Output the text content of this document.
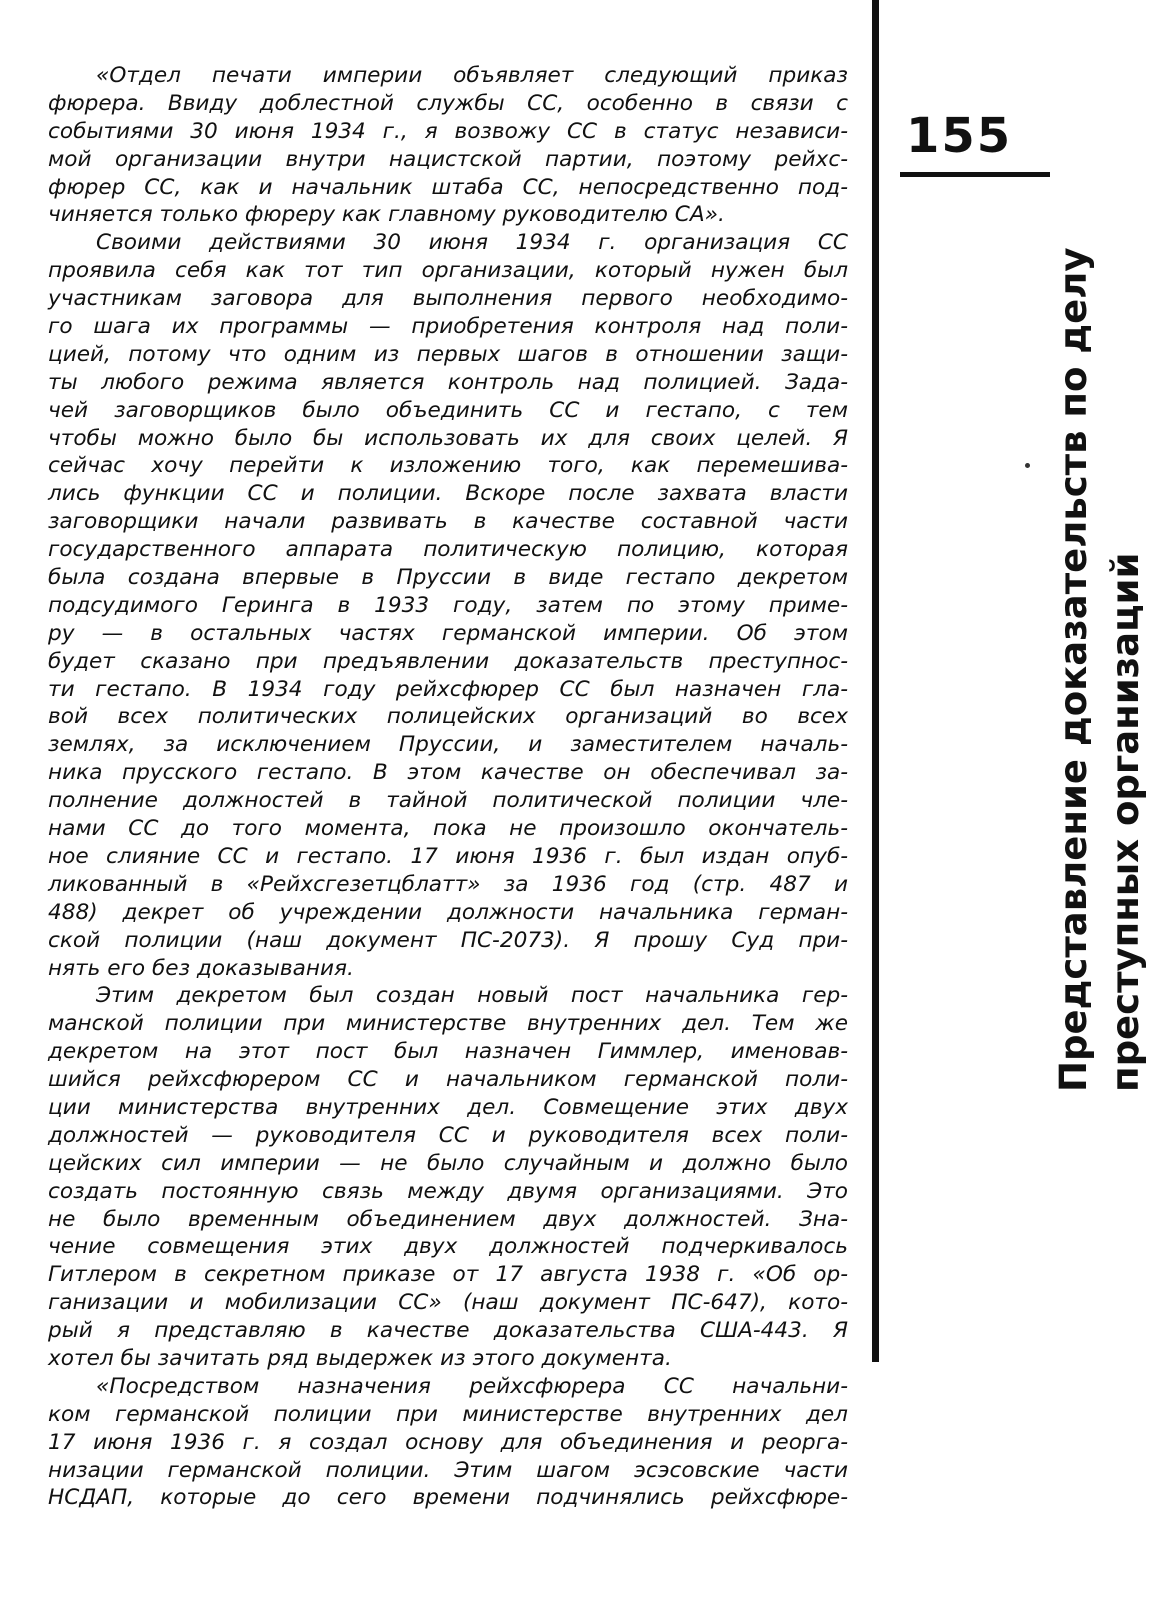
«Отдел печати империи объявляет следующий приказ
фюрера. Ввиду доблестной службы СС, особенно в связи с
событиями 30 июня 1934 г., я возвожу СС в статус независи-
мой организации внутри нацистской партии, поэтому рейхс-
фюрер СС, как и начальник штаба СС, непосредственно под-
чиняется только фюреру как главному руководителю СА».
Своими действиями 30 июня 1934 г. организация СС
проявила себя как тот тип организации, который нужен был
участникам заговора для выполнения первого необходимо-
го шага их программы — приобретения контроля над поли-
цией, потому что одним из первых шагов в отношении защи-
ты любого режима является контроль над полицией. Зада-
чей заговорщиков было объединить СС и гестапо, с тем
чтобы можно было бы использовать их для своих целей. Я
сейчас хочу перейти к изложению того, как перемешива-
лись функции СС и полиции. Вскоре после захвата власти
заговорщики начали развивать в качестве составной части
государственного аппарата политическую полицию, которая
была создана впервые в Пруссии в виде гестапо декретом
подсудимого Геринга в 1933 году, затем по этому приме-
ру — в остальных частях германской империи. Об этом
будет сказано при предъявлении доказательств преступнос-
ти гестапо. В 1934 году рейхсфюрер СС был назначен гла-
вой всех политических полицейских организаций во всех
землях, за исключением Пруссии, и заместителем началь-
ника прусского гестапо. В этом качестве он обеспечивал за-
полнение должностей в тайной политической полиции чле-
нами СС до того момента, пока не произошло окончатель-
ное слияние СС и гестапо. 17 июня 1936 г. был издан опуб-
ликованный в «Рейхсгезетцблатт» за 1936 год (стр. 487 и
488) декрет об учреждении должности начальника герман-
ской полиции (наш документ ПС-2073). Я прошу Суд при-
нять его без доказывания.
Этим декретом был создан новый пост начальника гер-
манской полиции при министерстве внутренних дел. Тем же
декретом на этот пост был назначен Гиммлер, именовав-
шийся рейхсфюрером СС и начальником германской поли-
ции министерства внутренних дел. Совмещение этих двух
должностей — руководителя СС и руководителя всех поли-
цейских сил империи — не было случайным и должно было
создать постоянную связь между двумя организациями. Это
не было временным объединением двух должностей. Зна-
чение совмещения этих двух должностей подчеркивалось
Гитлером в секретном приказе от 17 августа 1938 г. «Об ор-
ганизации и мобилизации СС» (наш документ ПС-647), кото-
рый я представляю в качестве доказательства США-443. Я
хотел бы зачитать ряд выдержек из этого документа.
«Посредством назначения рейхсфюрера СС начальни-
ком германской полиции при министерстве внутренних дел
17 июня 1936 г. я создал основу для объединения и реорга-
низации германской полиции. Этим шагом эсэсовские части
НСДАП, которые до сего времени подчинялись рейхсфюре-
155
Представление доказательств по делу преступных организаций
